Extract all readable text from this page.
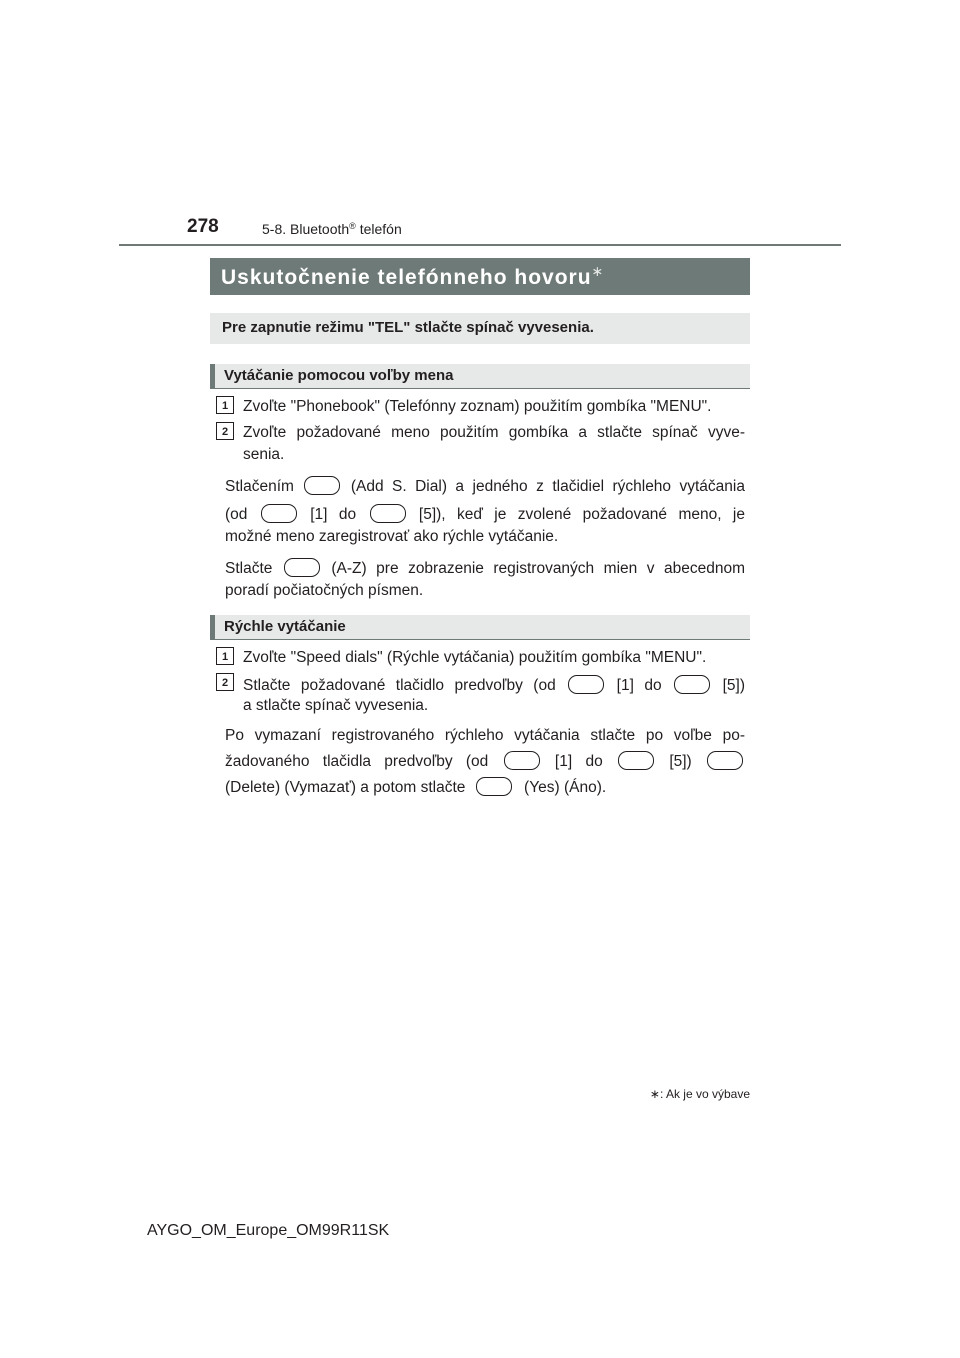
278	5-8. Bluetooth® telefón
Uskutočnenie telefónneho hovoru∗
Pre zapnutie režimu "TEL" stlačte spínač vyvesenia.
Vytáčanie pomocou voľby mena
1 Zvoľte "Phonebook" (Telefónny zoznam) použitím gombíka "MENU".
2 Zvoľte požadované meno použitím gombíka a stlačte spínač vyve-
senia.
Stlačením	(Add S. Dial) a jedného z tlačidiel rýchleho vytáčania
(od	[1] do	[5]), keď je zvolené požadované meno, je
možné meno zaregistrovať ako rýchle vytáčanie.
Stlačte	(A-Z) pre zobrazenie registrovaných mien v abecednom
poradí počiatočných písmen.
Rýchle vytáčanie
1 Zvoľte "Speed dials" (Rýchle vytáčania) použitím gombíka "MENU".
2 Stlačte požadované tlačidlo predvoľby (od	[1] do	[5])
a stlačte spínač vyvesenia.
Po vymazaní registrovaného rýchleho vytáčania stlačte po voľbe po-
žadovaného tlačidla predvoľby (od	[1] do	[5])
(Delete) (Vymazať) a potom stlačte	(Yes) (Áno).
∗: Ak je vo výbave
AYGO_OM_Europe_OM99R11SK
